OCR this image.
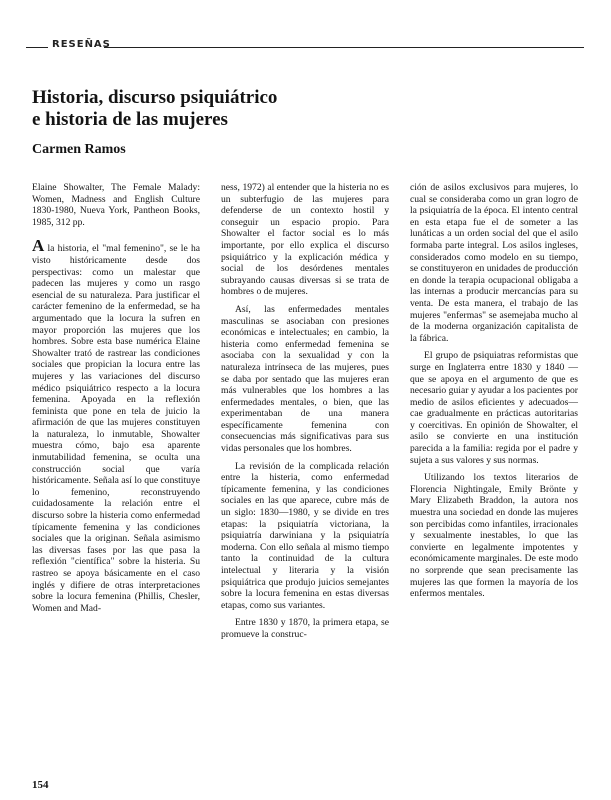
RESEÑAS
Historia, discurso psiquiátrico
e historia de las mujeres
Carmen Ramos

Elaine Showalter, The Female Malady: Women, Madness and English Culture 1830-1980, Nueva York, Pantheon Books, 1985, 312 pp.

A la historia, el "mal femenino", se le ha visto históricamente desde dos perspectivas: como un malestar que padecen las mujeres y como un rasgo esencial de su naturaleza. Para justificar el carácter femenino de la enfermedad, se ha argumentado que la locura la sufren en mayor proporción las mujeres que los hombres. Sobre esta base numérica Elaine Showalter trató de rastrear las condiciones sociales que propician la locura entre las mujeres y las variaciones del discurso médico psiquiátrico respecto a la locura femenina. Apoyada en la reflexión feminista que pone en tela de juicio la afirmación de que las mujeres constituyen la naturaleza, lo inmutable, Showalter muestra cómo, bajo esa aparente inmutabilidad femenina, se oculta una construcción social que varía históricamente. Señala así lo que constituye lo femenino, reconstruyendo cuidadosamente la relación entre el discurso sobre la histeria como enfermedad típicamente femenina y las condiciones sociales que la originan. Señala asimismo las diversas fases por las que pasa la reflexión "científica" sobre la histeria. Su rastreo se apoya básicamente en el caso inglés y difiere de otras interpretaciones sobre la locura femenina (Phillis, Chesler, Women and Mad-

ness, 1972) al entender que la histeria no es un subterfugio de las mujeres para defenderse de un contexto hostil y conseguir un espacio propio. Para Showalter el factor social es lo más importante, por ello explica el discurso psiquiátrico y la explicación médica y social de los desórdenes mentales subrayando causas diversas si se trata de hombres o de mujeres.

Así, las enfermedades mentales masculinas se asociaban con presiones económicas e intelectuales; en cambio, la histeria como enfermedad femenina se asociaba con la sexualidad y con la naturaleza intrínseca de las mujeres, pues se daba por sentado que las mujeres eran más vulnerables que los hombres a las enfermedades mentales, o bien, que las experimentaban de una manera específicamente femenina con consecuencias más significativas para sus vidas personales que los hombres.

La revisión de la complicada relación entre la histeria, como enfermedad típicamente femenina, y las condiciones sociales en las que aparece, cubre más de un siglo: 1830—1980, y se divide en tres etapas: la psiquiatría victoriana, la psiquiatría darwiniana y la psiquiatría moderna. Con ello señala al mismo tiempo tanto la continuidad de la cultura intelectual y literaria y la visión psiquiátrica que produjo juicios semejantes sobre la locura femenina en estas diversas etapas, como sus variantes.

Entre 1830 y 1870, la primera etapa, se promueve la construc-

ción de asilos exclusivos para mujeres, lo cual se consideraba como un gran logro de la psiquiatría de la época. El intento central en esta etapa fue el de someter a las lunáticas a un orden social del que el asilo formaba parte integral. Los asilos ingleses, considerados como modelo en su tiempo, se constituyeron en unidades de producción en donde la terapia ocupacional obligaba a las internas a producir mercancías para su venta. De esta manera, el trabajo de las mujeres "enfermas" se asemejaba mucho al de la moderna organización capitalista de la fábrica.

El grupo de psiquiatras reformistas que surge en Inglaterra entre 1830 y 1840 —que se apoya en el argumento de que es necesario guiar y ayudar a los pacientes por medio de asilos eficientes y adecuados— cae gradualmente en prácticas autoritarias y coercitivas. En opinión de Showalter, el asilo se convierte en una institución parecida a la familia: regida por el padre y sujeta a sus valores y sus normas.

Utilizando los textos literarios de Florencia Nightingale, Emily Brönte y Mary Elizabeth Braddon, la autora nos muestra una sociedad en donde las mujeres son percibidas como infantiles, irracionales y sexualmente inestables, lo que las convierte en legalmente impotentes y económicamente marginales. De este modo no sorprende que sean precisamente las mujeres las que formen la mayoría de los enfermos mentales.

154
